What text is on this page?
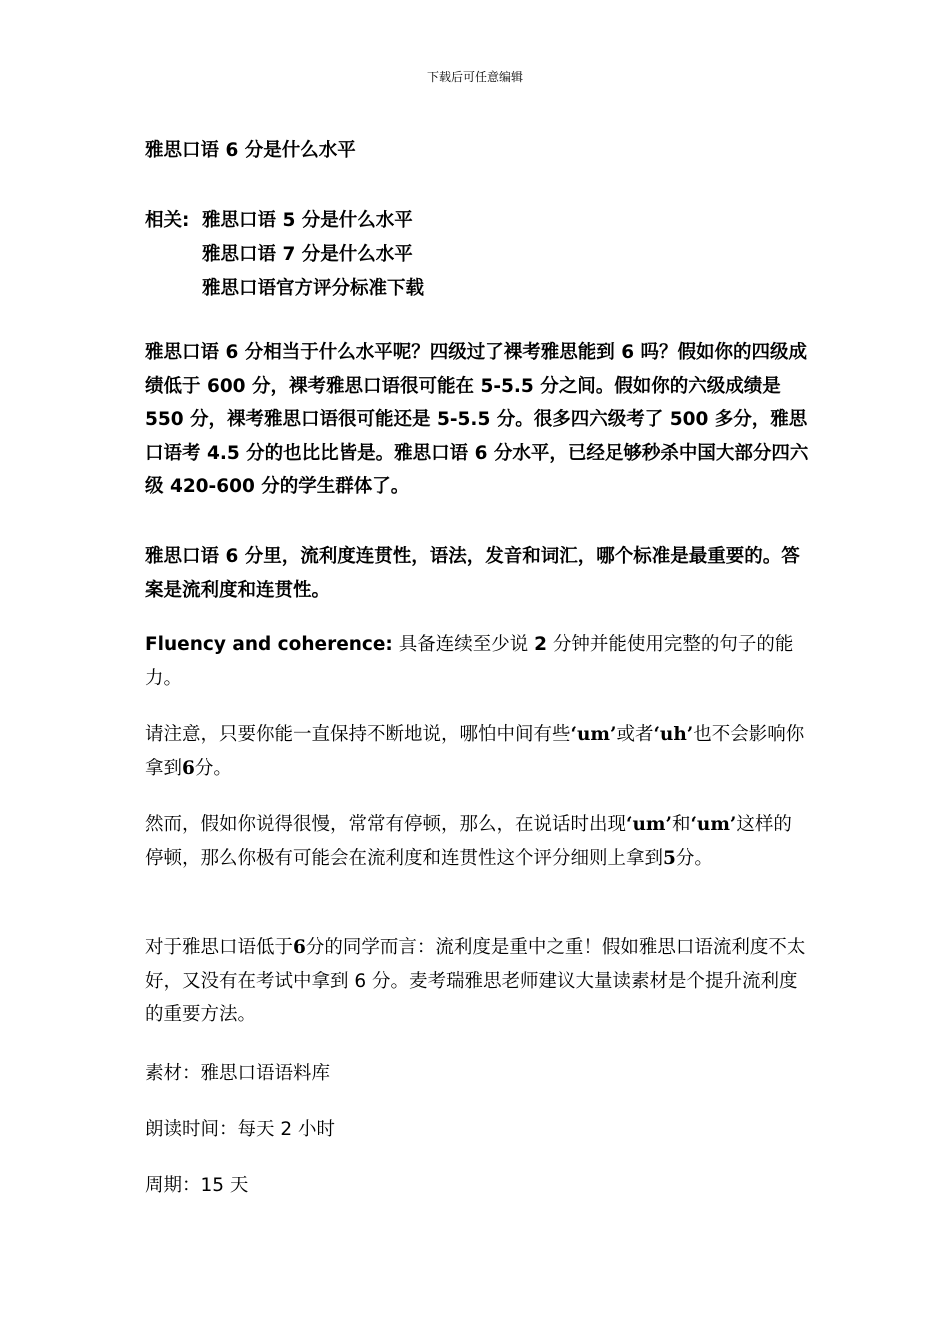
下载后可任意编辑
雅思口语 6 分是什么水平
相关: 雅思口语 5 分是什么水平
雅思口语 7 分是什么水平
雅思口语官方评分标准下载
雅思口语 6 分相当于什么水平呢？四级过了裸考雅思能到 6 吗？假如你的四级成绩低于 600 分，裸考雅思口语很可能在 5-5.5 分之间。假如你的六级成绩是 550 分，裸考雅思口语很可能还是 5-5.5 分。很多四六级考了 500 多分，雅思口语考 4.5 分的也比比皆是。雅思口语 6 分水平，已经足够秒杀中国大部分四六级 420-600 分的学生群体了。
雅思口语 6 分里，流利度连贯性，语法，发音和词汇，哪个标准是最重要的。答案是流利度和连贯性。
Fluency and coherence: 具备连续至少说 2 分钟并能使用完整的句子的能力。
请注意，只要你能一直保持不断地说，哪怕中间有些‘um’或者‘uh’也不会影响你拿到6分。
然而，假如你说得很慢，常常有停顿，那么，在说话时出现‘um’和‘um’这样的停顿，那么你极有可能会在流利度和连贯性这个评分细则上拿到5分。
对于雅思口语低于6分的同学而言：流利度是重中之重！假如雅思口语流利度不太好，又没有在考试中拿到 6 分。麦考瑞雅思老师建议大量读素材是个提升流利度的重要方法。
素材：雅思口语语料库
朗读时间：每天 2 小时
周期：15 天
